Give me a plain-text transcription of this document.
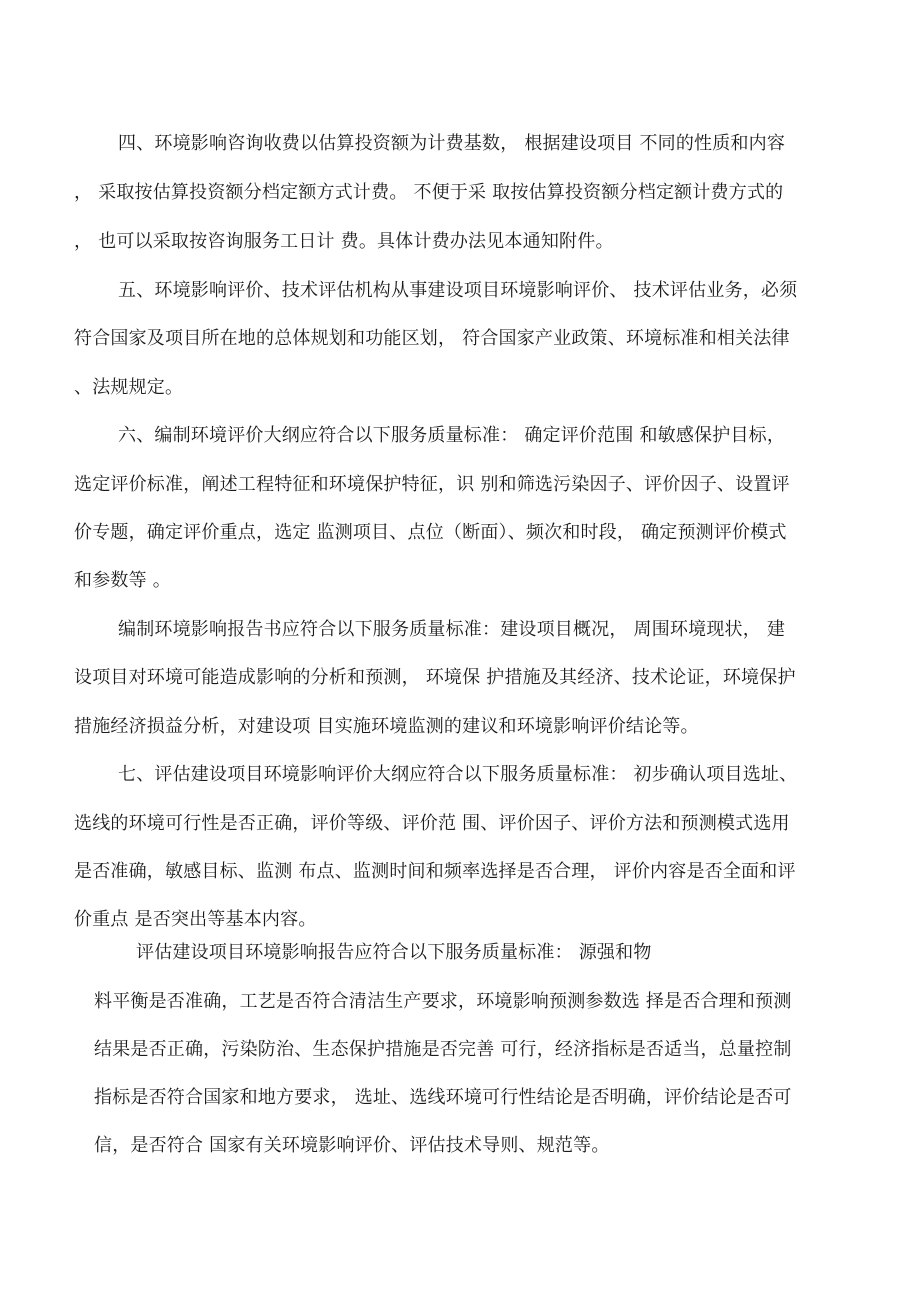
四、环境影响咨询收费以估算投资额为计费基数， 根据建设项目 不同的性质和内容
， 采取按估算投资额分档定额方式计费。 不便于采 取按估算投资额分档定额计费方式的
， 也可以采取按咨询服务工日计 费。具体计费办法见本通知附件。
五、环境影响评价、技术评估机构从事建设项目环境影响评价、 技术评估业务，必须
符合国家及项目所在地的总体规划和功能区划， 符合国家产业政策、环境标准和相关法律
、法规规定。
六、编制环境评价大纲应符合以下服务质量标准： 确定评价范围 和敏感保护目标，
选定评价标准，阐述工程特征和环境保护特征，识 别和筛选污染因子、评价因子、设置评
价专题，确定评价重点，选定 监测项目、点位（断面）、频次和时段， 确定预测评价模式
和参数等 。
编制环境影响报告书应符合以下服务质量标准：建设项目概况， 周围环境现状， 建
设项目对环境可能造成影响的分析和预测， 环境保 护措施及其经济、技术论证，环境保护
措施经济损益分析，对建设项 目实施环境监测的建议和环境影响评价结论等。
七、评估建设项目环境影响评价大纲应符合以下服务质量标准： 初步确认项目选址、
选线的环境可行性是否正确，评价等级、评价范 围、评价因子、评价方法和预测模式选用
是否准确，敏感目标、监测 布点、监测时间和频率选择是否合理， 评价内容是否全面和评
价重点 是否突出等基本内容。
评估建设项目环境影响报告应符合以下服务质量标准： 源强和物
料平衡是否准确，工艺是否符合清洁生产要求，环境影响预测参数选 择是否合理和预测
结果是否正确，污染防治、生态保护措施是否完善 可行，经济指标是否适当，总量控制
指标是否符合国家和地方要求， 选址、选线环境可行性结论是否明确，评价结论是否可
信，是否符合 国家有关环境影响评价、评估技术导则、规范等。
